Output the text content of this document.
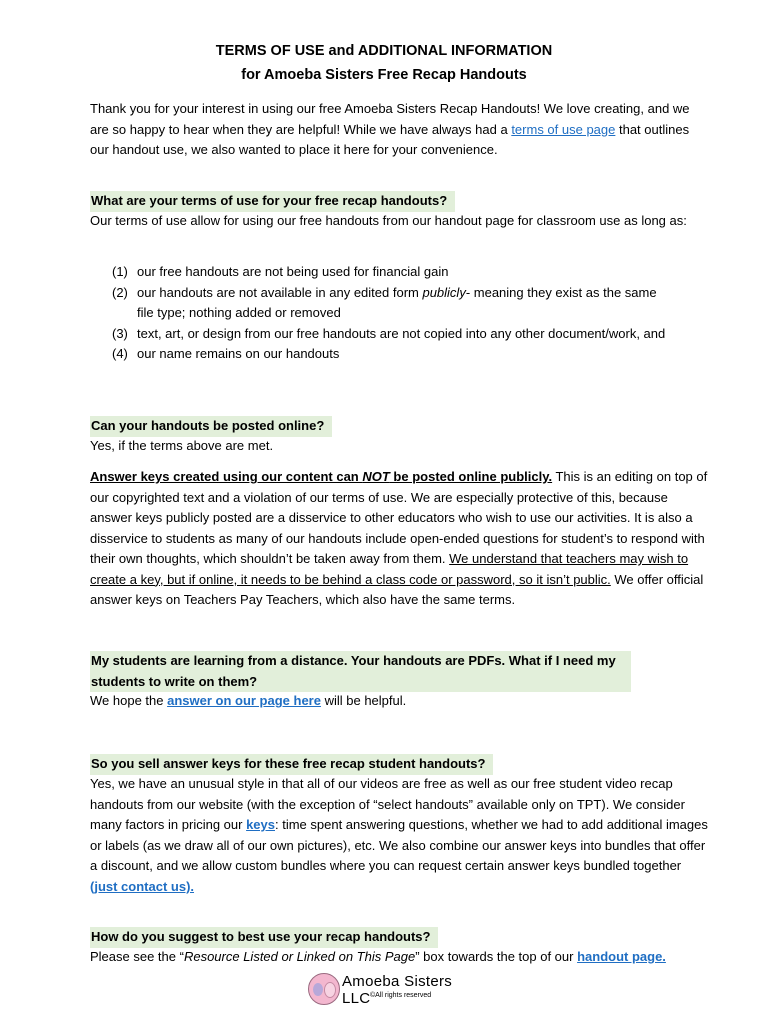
TERMS OF USE and ADDITIONAL INFORMATION
for Amoeba Sisters Free Recap Handouts

Thank you for your interest in using our free Amoeba Sisters Recap Handouts! We love creating, and we are so happy to hear when they are helpful! While we have always had a terms of use page that outlines our handout use, we also wanted to place it here for your convenience.

What are your terms of use for your free recap handouts?

Our terms of use allow for using our free handouts from our handout page for classroom use as long as:

(1) our free handouts are not being used for financial gain
(2) our handouts are not available in any edited form publicly- meaning they exist as the same file type; nothing added or removed
(3) text, art, or design from our free handouts are not copied into any other document/work, and
(4) our name remains on our handouts
Can your handouts be posted online?

Yes, if the terms above are met.

Answer keys created using our content can NOT be posted online publicly. This is an editing on top of our copyrighted text and a violation of our terms of use. We are especially protective of this, because answer keys publicly posted are a disservice to other educators who wish to use our activities. It is also a disservice to students as many of our handouts include open-ended questions for student’s to respond with their own thoughts, which shouldn’t be taken away from them. We understand that teachers may wish to create a key, but if online, it needs to be behind a class code or password, so it isn’t public. We offer official answer keys on Teachers Pay Teachers, which also have the same terms.

My students are learning from a distance. Your handouts are PDFs. What if I need my students to write on them?

We hope the answer on our page here will be helpful.

So you sell answer keys for these free recap student handouts?

Yes, we have an unusual style in that all of our videos are free as well as our free student video recap handouts from our website (with the exception of “select handouts” available only on TPT). We consider many factors in pricing our keys: time spent answering questions, whether we had to add additional images or labels (as we draw all of our own pictures), etc. We also combine our answer keys into bundles that offer a discount, and we allow custom bundles where you can request certain answer keys bundled together (just contact us).

How do you suggest to best use your recap handouts?

Please see the “Resource Listed or Linked on This Page” box towards the top of our handout page.

Amoeba Sisters LLC ©All rights reserved
